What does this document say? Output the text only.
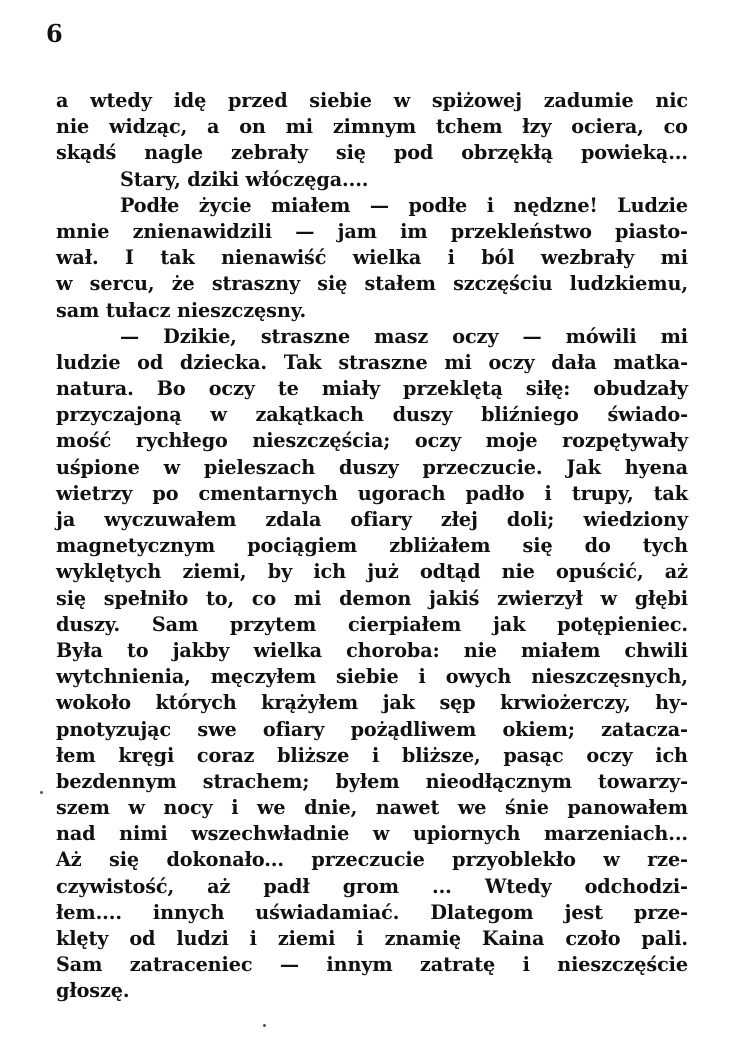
6
a wtedy idę przed siebie w spiżowej zadumie nic
nie widząc, a on mi zimnym tchem łzy ociera, co
skądś nagle zebrały się pod obrzękłą powieką...
Stary, dziki włóczęga....
Podłe życie miałem — podłe i nędzne! Ludzie
mnie znienawidzili — jam im przekleństwo piasto-
wał. I tak nienawiść wielka i ból wezbrały mi
w sercu, że straszny się stałem szczęściu ludzkiemu,
sam tułacz nieszczęsny.
— Dzikie, straszne masz oczy — mówili mi
ludzie od dziecka. Tak straszne mi oczy dała matka-
natura. Bo oczy te miały przeklętą siłę: obudzały
przyczajoną w zakątkach duszy bliźniego świado-
mość rychłego nieszczęścia; oczy moje rozpętywały
uśpione w pieleszach duszy przeczucie. Jak hyena
wietrzy po cmentarnych ugorach padło i trupy, tak
ja wyczuwałem zdala ofiary złej doli; wiedziony
magnetycznym pociągiem zbliżałem się do tych
wyklętych ziemi, by ich już odtąd nie opuścić, aż
się spełniło to, co mi demon jakiś zwierzył w głębi
duszy. Sam przytem cierpiałem jak potępieniec.
Była to jakby wielka choroba: nie miałem chwili
wytchnienia, męczyłem siebie i owych nieszczęsnych,
wokoło których krążyłem jak sęp krwiożerczy, hy-
pnotyzując swe ofiary pożądliwem okiem; zatacza-
łem kręgi coraz bliższe i bliższe, pasąc oczy ich
bezdennym strachem; byłem nieodłącznym towarzy-
szem w nocy i we dnie, nawet we śnie panowałem
nad nimi wszechwładnie w upiornych marzeniach...
Aż się dokonało... przeczucie przyoblekło w rze-
czywistość, aż padł grom ... Wtedy odchodzi-
łem.... innych uświadamiać. Dlategom jest prze-
klęty od ludzi i ziemi i znamię Kaina czoło pali.
Sam zatraceniec — innym zatratę i nieszczęście
głoszę.
